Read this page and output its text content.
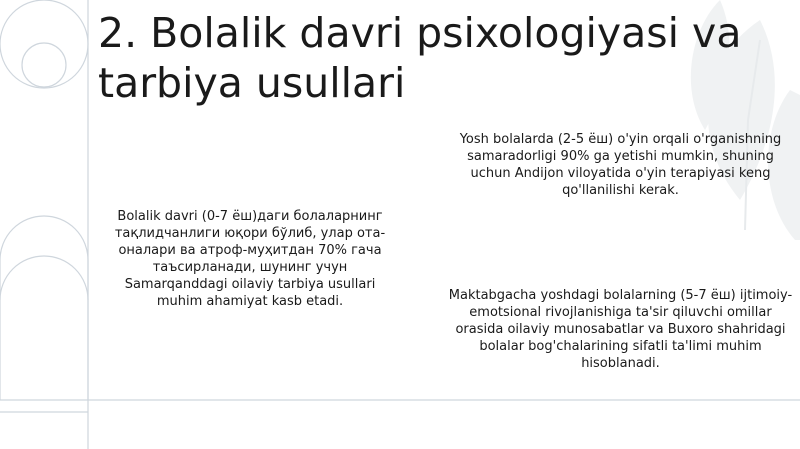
2. Bolalik davri psixologiyasi va tarbiya usullari

Bolalik davri (0-7 ёш)даги болаларнинг тақлидчанлиги юқори бўлиб, улар ота-оналари ва атроф-муҳитдан 70% гача таъсирланади, шунинг учун Samarqanddagi oilaviy tarbiya usullari muhim ahamiyat kasb etadi.

Yosh bolalarda (2-5 ёш) o'yin orqali o'rganishning samaradorligi 90% ga yetishi mumkin, shuning uchun Andijon viloyatida o'yin terapiyasi keng qo'llanilishi kerak.

Maktabgacha yoshdagi bolalarning (5-7 ёш) ijtimoiy-emotsional rivojlanishiga ta'sir qiluvchi omillar orasida oilaviy munosabatlar va Buxoro shahridagi bolalar bog'chalarining sifatli ta'limi muhim hisoblanadi.
